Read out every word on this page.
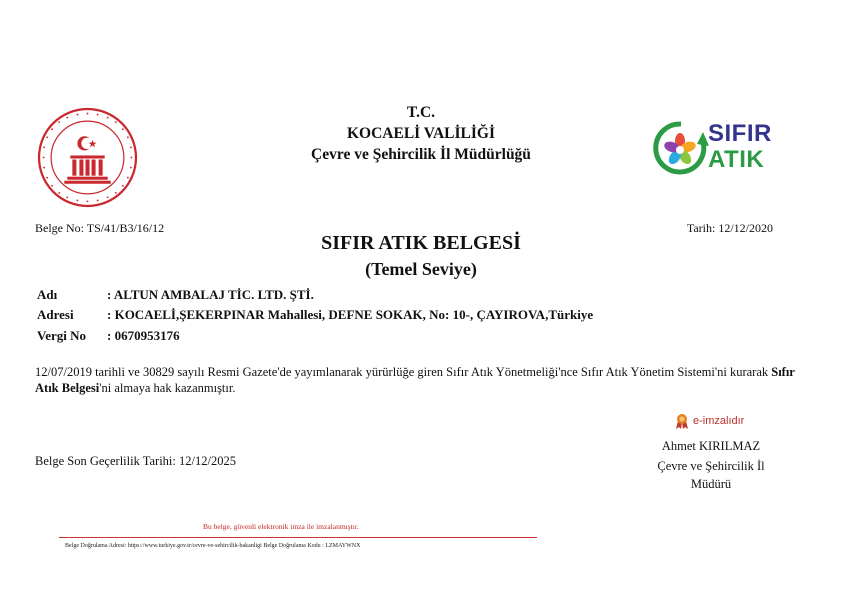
T.C.
KOCAELİ VALİLİĞİ
Çevre ve Şehircilik İl Müdürlüğü
SIFIR
ATIK
Belge No: TS/41/B3/16/12	Tarih: 12/12/2020
SIFIR ATIK BELGESİ
(Temel Seviye)
Adı	: ALTUN AMBALAJ TİC. LTD. ŞTİ.
Adresi	: KOCAELİ,ŞEKERPINAR Mahallesi, DEFNE SOKAK, No: 10-, ÇAYIROVA,Türkiye
Vergi No : 0670953176
12/07/2019 tarihli ve 30829 sayılı Resmi Gazete'de yayımlanarak yürürlüğe giren Sıfır Atık Yönetmeliği'nce Sıfır Atık Yönetim Sistemi'ni kurarak Sıfır Atık Belgesi'ni almaya hak kazanmıştır.
e-imzalıdır
Ahmet KIRILMAZ
Çevre ve Şehircilik İl
Müdürü
Belge Son Geçerlilik Tarihi: 12/12/2025
Bu belge, güvenli elektronik imza ile imzalanmıştır.
Belge Doğrulama Adresi: https://www.turkiye.gov.tr/cevre-ve-sehircilik-bakanligi Belge Doğrulama Kodu : LZMAYWNX
